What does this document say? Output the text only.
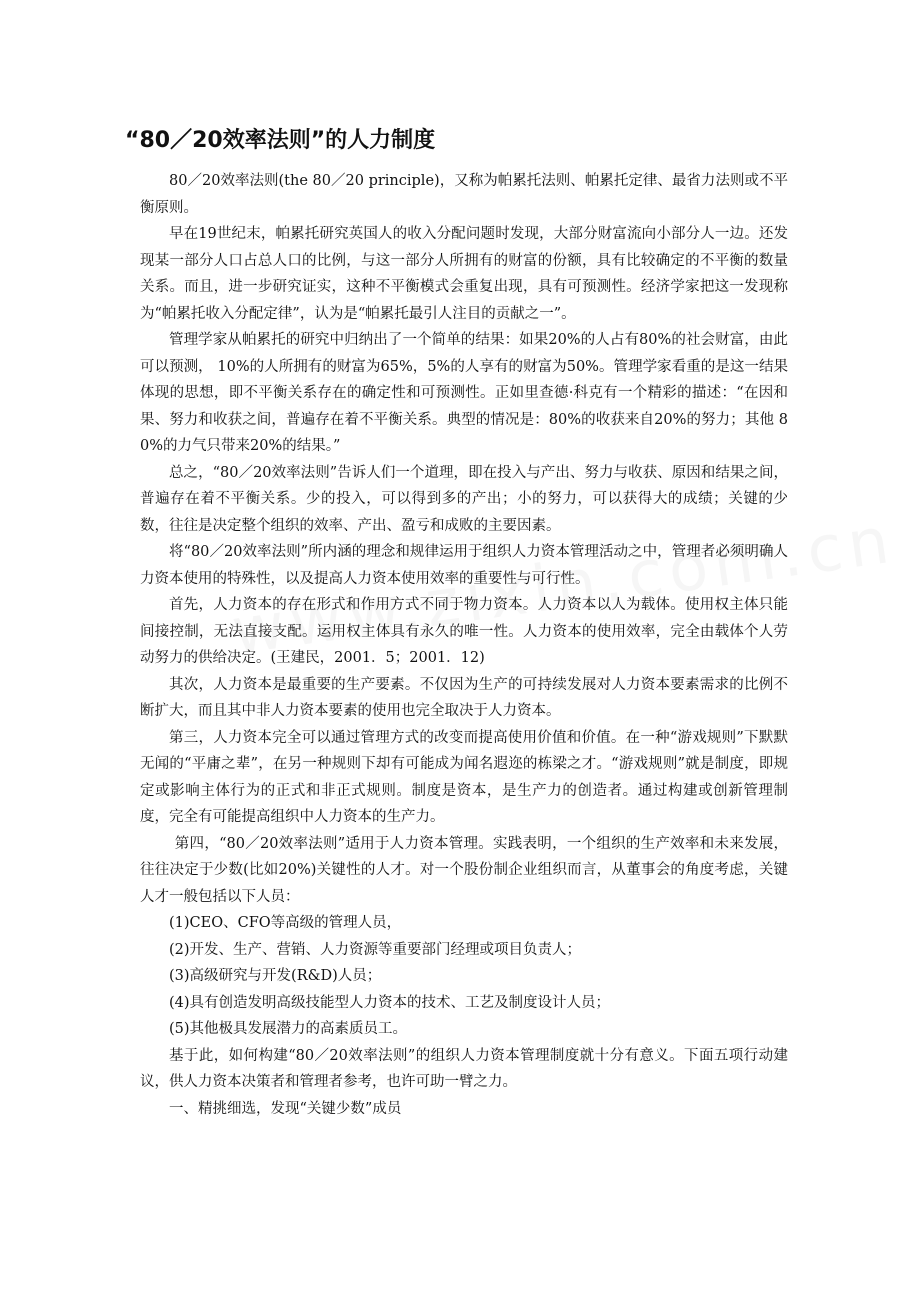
“80／20效率法则”的人力制度

80／20效率法则(the 80／20 principle)，又称为帕累托法则、帕累托定律、最省力法则或不平衡原则。

早在19世纪末，帕累托研究英国人的收入分配问题时发现，大部分财富流向小部分人一边。还发现某一部分人口占总人口的比例，与这一部分人所拥有的财富的份额，具有比较确定的不平衡的数量关系。而且，进一步研究证实，这种不平衡模式会重复出现，具有可预测性。经济学家把这一发现称为“帕累托收入分配定律”，认为是“帕累托最引人注目的贡献之一”。

管理学家从帕累托的研究中归纳出了一个简单的结果：如果20%的人占有80%的社会财富，由此可以预测， 10%的人所拥有的财富为65%，5%的人享有的财富为50%。管理学家看重的是这一结果体现的思想，即不平衡关系存在的确定性和可预测性。正如里查德·科克有一个精彩的描述：“在因和果、努力和收获之间，普遍存在着不平衡关系。典型的情况是：80%的收获来自20%的努力；其他 80%的力气只带来20%的结果。”

总之，“80／20效率法则”告诉人们一个道理，即在投入与产出、努力与收获、原因和结果之间，普遍存在着不平衡关系。少的投入，可以得到多的产出；小的努力，可以获得大的成绩；关键的少数，往往是决定整个组织的效率、产出、盈亏和成败的主要因素。

将“80／20效率法则”所内涵的理念和规律运用于组织人力资本管理活动之中，管理者必须明确人力资本使用的特殊性，以及提高人力资本使用效率的重要性与可行性。

首先，人力资本的存在形式和作用方式不同于物力资本。人力资本以人为载体。使用权主体只能间接控制，无法直接支配。运用权主体具有永久的唯一性。人力资本的使用效率，完全由载体个人劳动努力的供给决定。(王建民，2001．5；2001．12)

其次，人力资本是最重要的生产要素。不仅因为生产的可持续发展对人力资本要素需求的比例不断扩大，而且其中非人力资本要素的使用也完全取决于人力资本。

第三，人力资本完全可以通过管理方式的改变而提高使用价值和价值。在一种“游戏规则”下默默无闻的“平庸之辈”，在另一种规则下却有可能成为闻名遐迩的栋梁之才。“游戏规则”就是制度，即规定或影响主体行为的正式和非正式规则。制度是资本，是生产力的创造者。通过构建或创新管理制度，完全有可能提高组织中人力资本的生产力。

第四，“80／20效率法则”适用于人力资本管理。实践表明，一个组织的生产效率和未来发展，往往决定于少数(比如20%)关键性的人才。对一个股份制企业组织而言，从董事会的角度考虑，关键人才一般包括以下人员：

(1)CEO、CFO等高级的管理人员，

(2)开发、生产、营销、人力资源等重要部门经理或项目负责人；

(3)高级研究与开发(R&D)人员；

(4)具有创造发明高级技能型人力资本的技术、工艺及制度设计人员；

(5)其他极具发展潜力的高素质员工。

基于此，如何构建“80／20效率法则”的组织人力资本管理制度就十分有意义。下面五项行动建议，供人力资本决策者和管理者参考，也许可助一臂之力。

一、精挑细选，发现“关键少数”成员
